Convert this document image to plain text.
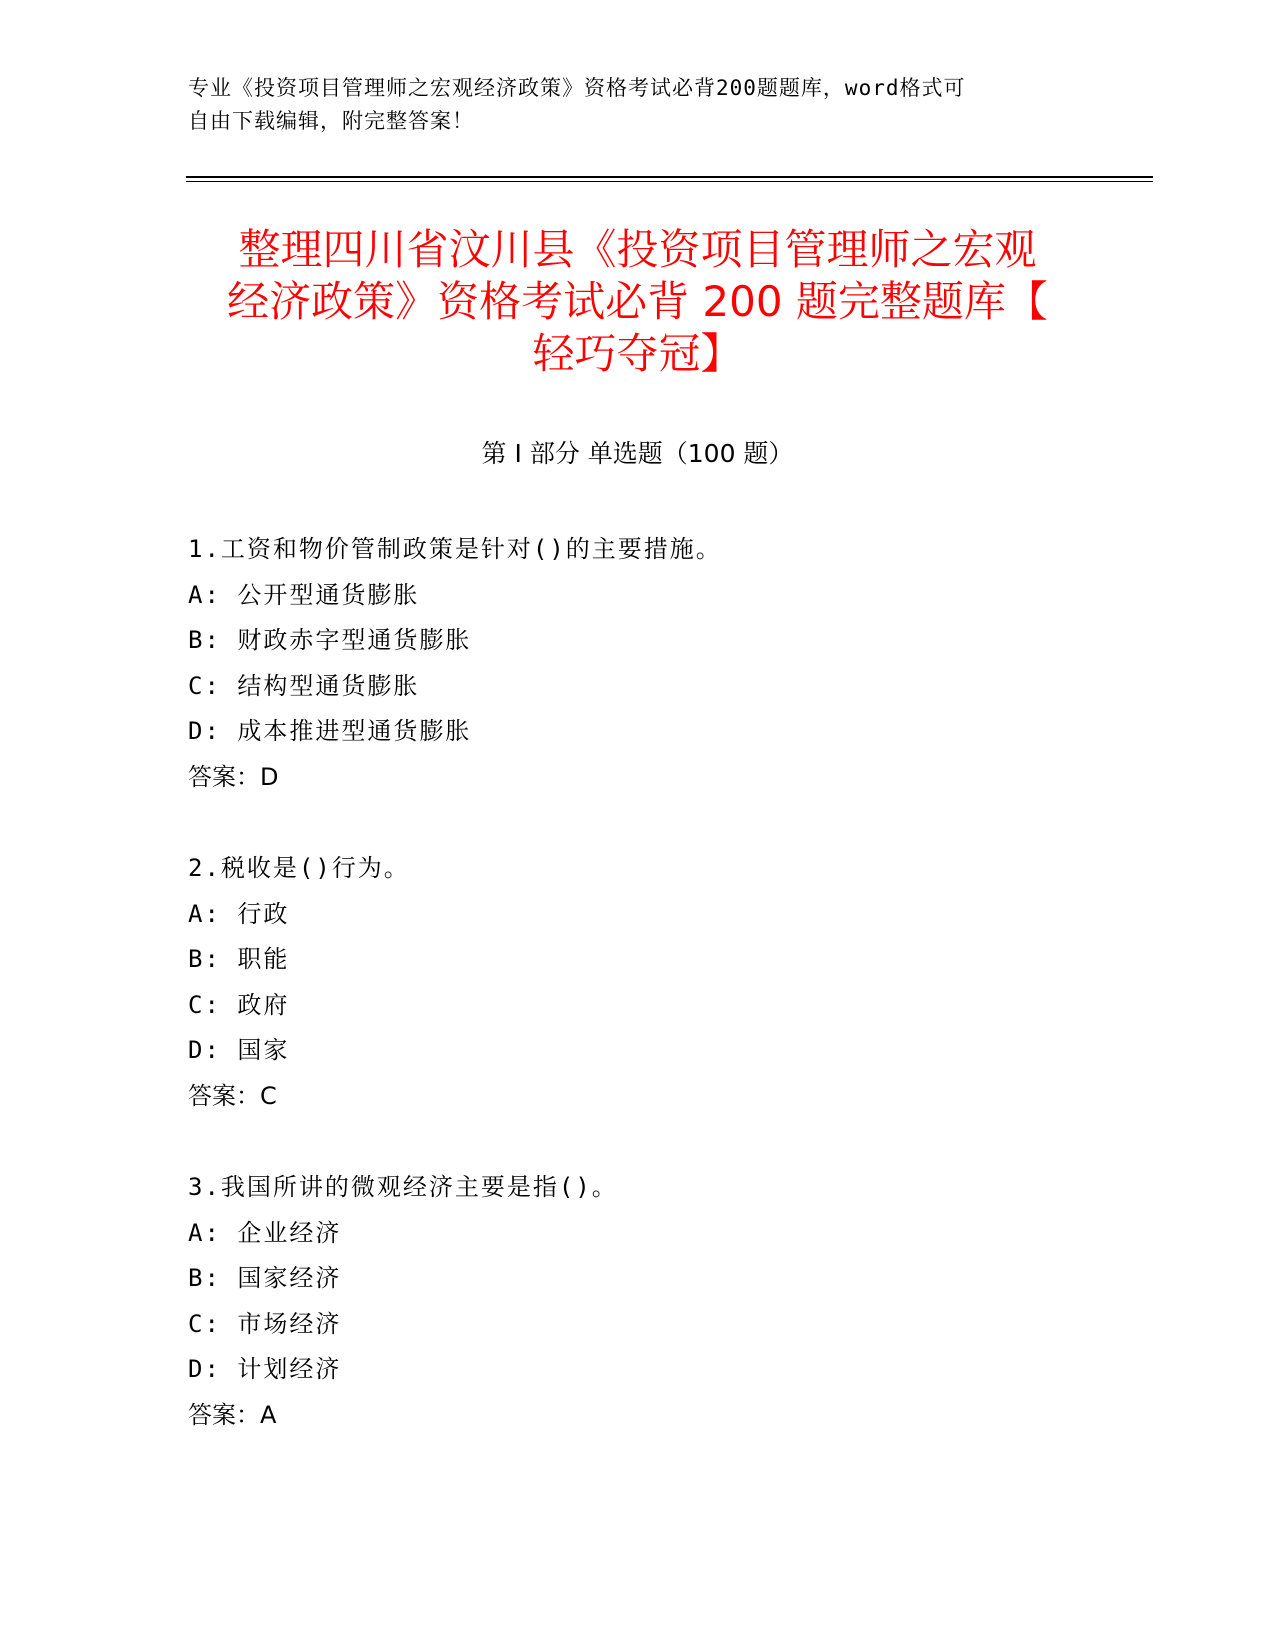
专业《投资项目管理师之宏观经济政策》资格考试必背200题题库，word格式可
自由下载编辑，附完整答案！
整理四川省汶川县《投资项目管理师之宏观
经济政策》资格考试必背 200 题完整题库【
轻巧夺冠】
第 I 部分 单选题（100 题）
1.工资和物价管制政策是针对()的主要措施。
A: 公开型通货膨胀
B: 财政赤字型通货膨胀
C: 结构型通货膨胀
D: 成本推进型通货膨胀
答案：D
2.税收是()行为。
A: 行政
B: 职能
C: 政府
D: 国家
答案：C
3.我国所讲的微观经济主要是指()。
A: 企业经济
B: 国家经济
C: 市场经济
D: 计划经济
答案：A
